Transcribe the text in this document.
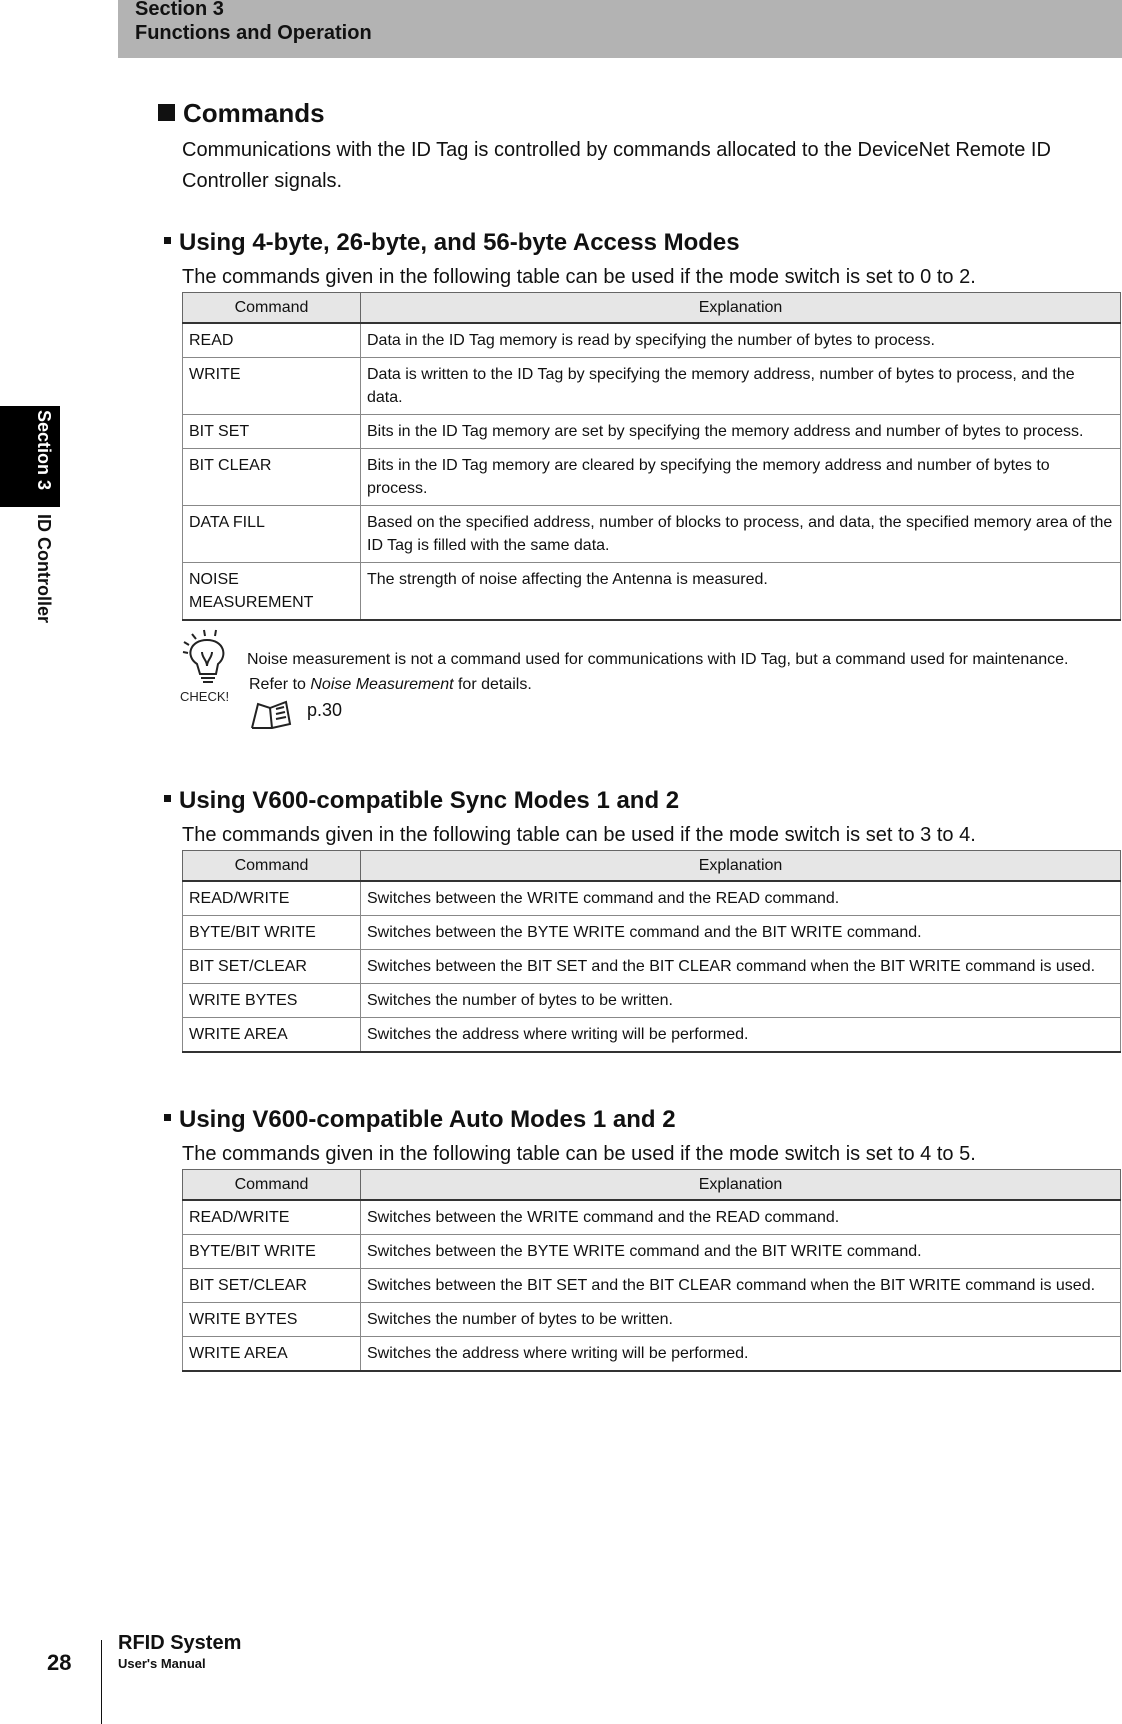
Section 3
Functions and Operation
Section 3
ID Controller
Commands
Communications with the ID Tag is controlled by commands allocated to the DeviceNet Remote ID Controller signals.
Using 4-byte, 26-byte, and 56-byte Access Modes
The commands given in the following table can be used if the mode switch is set to 0 to 2.
Command	Explanation
READ	Data in the ID Tag memory is read by specifying the number of bytes to process.
WRITE	Data is written to the ID Tag by specifying the memory address, number of bytes to process, and the data.
BIT SET	Bits in the ID Tag memory are set by specifying the memory address and number of bytes to process.
BIT CLEAR	Bits in the ID Tag memory are cleared by specifying the memory address and number of bytes to process.
DATA FILL	Based on the specified address, number of blocks to process, and data, the specified memory area of the ID Tag is filled with the same data.
NOISE MEASUREMENT	The strength of noise affecting the Antenna is measured.
CHECK!
Noise measurement is not a command used for communications with ID Tag, but a command used for maintenance.
Refer to Noise Measurement for details.
p.30
Using V600-compatible Sync Modes 1 and 2
The commands given in the following table can be used if the mode switch is set to 3 to 4.
Command	Explanation
READ/WRITE	Switches between the WRITE command and the READ command.
BYTE/BIT WRITE	Switches between the BYTE WRITE command and the BIT WRITE command.
BIT SET/CLEAR	Switches between the BIT SET and the BIT CLEAR command when the BIT WRITE command is used.
WRITE BYTES	Switches the number of bytes to be written.
WRITE AREA	Switches the address where writing will be performed.
Using V600-compatible Auto Modes 1 and 2
The commands given in the following table can be used if the mode switch is set to 4 to 5.
Command	Explanation
READ/WRITE	Switches between the WRITE command and the READ command.
BYTE/BIT WRITE	Switches between the BYTE WRITE command and the BIT WRITE command.
BIT SET/CLEAR	Switches between the BIT SET and the BIT CLEAR command when the BIT WRITE command is used.
WRITE BYTES	Switches the number of bytes to be written.
WRITE AREA	Switches the address where writing will be performed.
28
RFID System
User's Manual
